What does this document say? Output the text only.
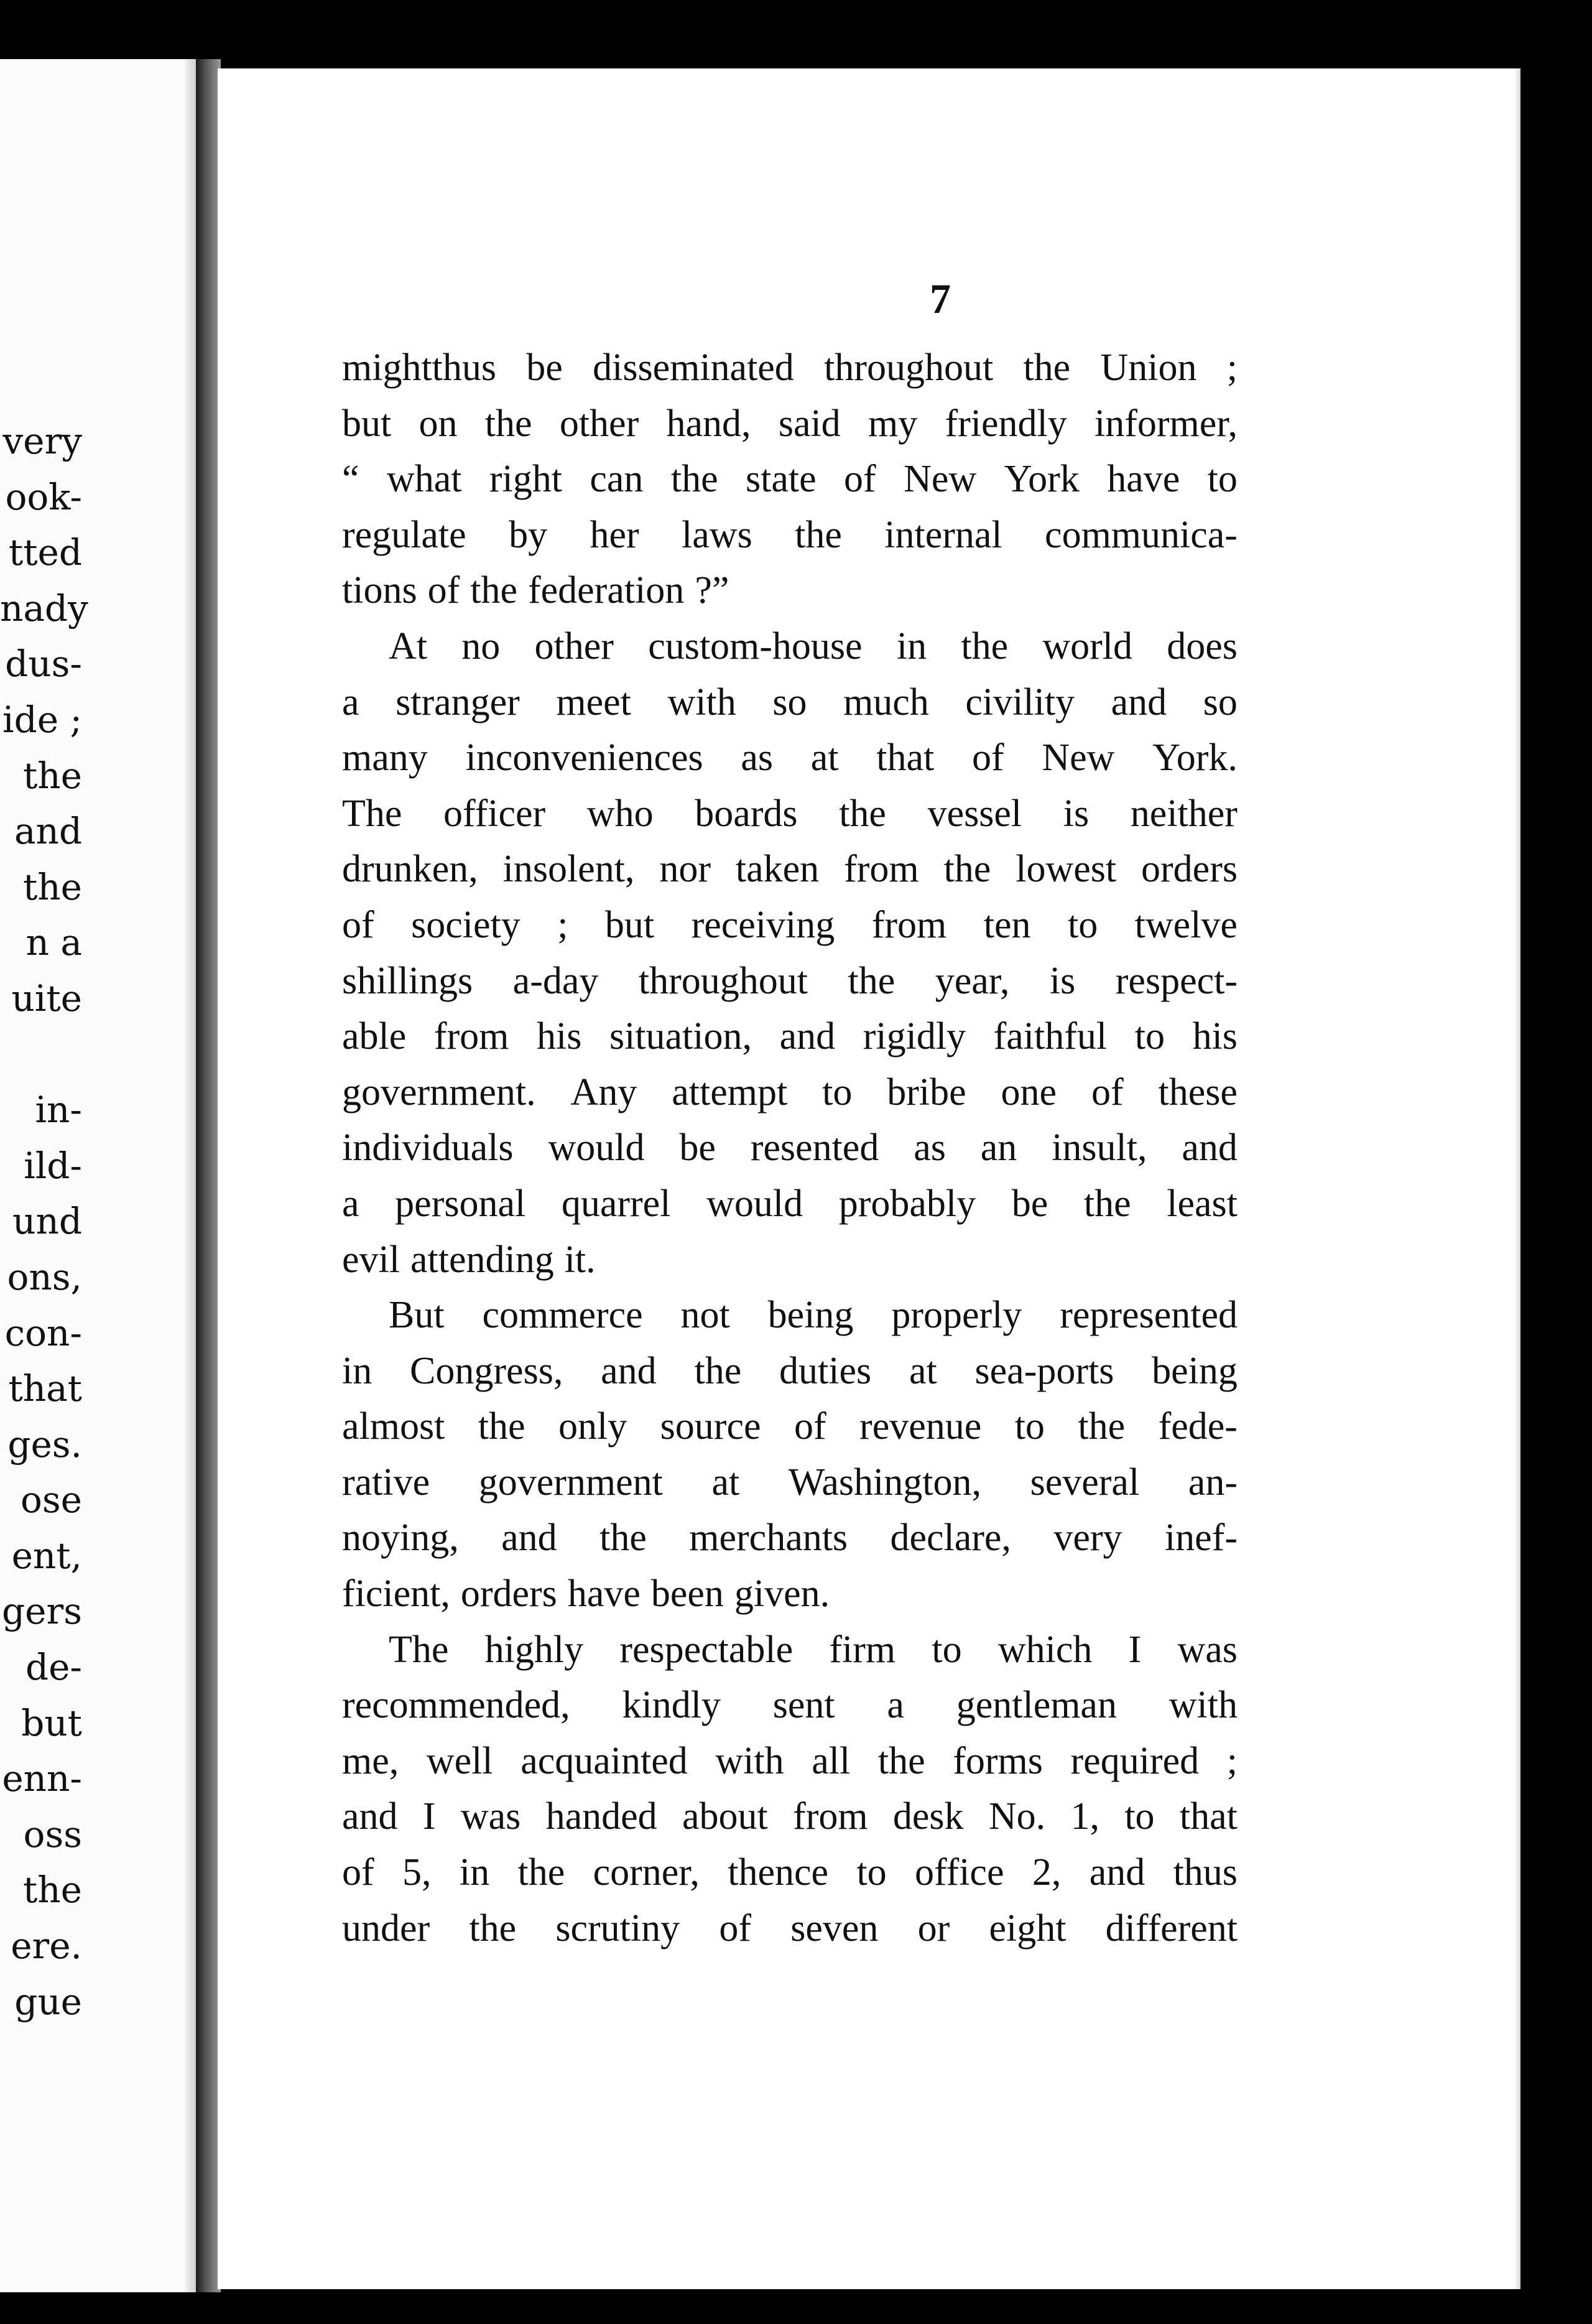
very
ook-
tted
nady
dus-
ide ;
the
and
the
n a
uite
in-
ild-
und
ons,
con-
that
ges.
ose
ent,
gers
de-
but
enn-
oss
the
ere.
gue
7
mightthus be disseminated throughout the Union ;
but on the other hand, said my friendly informer,
“ what right can the state of New York have to
regulate by her laws the internal communica-
tions of the federation ?”
At no other custom-house in the world does
a stranger meet with so much civility and so
many inconveniences as at that of New York.
The officer who boards the vessel is neither
drunken, insolent, nor taken from the lowest orders
of society ; but receiving from ten to twelve
shillings a-day throughout the year, is respect-
able from his situation, and rigidly faithful to his
government. Any attempt to bribe one of these
individuals would be resented as an insult, and
a personal quarrel would probably be the least
evil attending it.
But commerce not being properly represented
in Congress, and the duties at sea-ports being
almost the only source of revenue to the fede-
rative government at Washington, several an-
noying, and the merchants declare, very inef-
ficient, orders have been given.
The highly respectable firm to which I was
recommended, kindly sent a gentleman with
me, well acquainted with all the forms required ;
and I was handed about from desk No. 1, to that
of 5, in the corner, thence to office 2, and thus
under the scrutiny of seven or eight different
